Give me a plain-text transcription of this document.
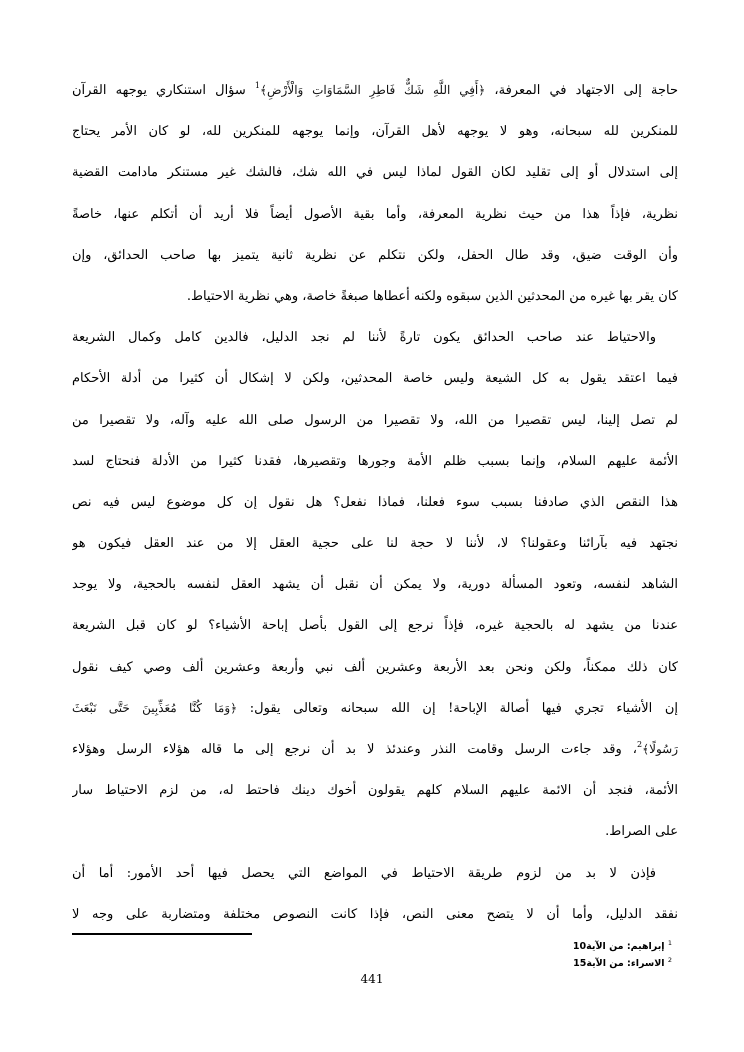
حاجة إلى الاجتهاد في المعرفة، ﴿أَفِي اللَّهِ شَكٌّ فَاطِرِ السَّمَاوَاتِ وَالْأَرْضِ﴾$^1$ سؤال استنكاري يوجهه القرآن
للمنكرين لله سبحانه، وهو لا يوجهه لأهل القرآن، وإنما يوجهه للمنكرين لله، لو كان الأمر يحتاج
إلى استدلال أو إلى تقليد لكان القول لماذا ليس في الله شك، فالشك غير مستنكر مادامت القضية
نظرية، فإذاً هذا من حيث نظرية المعرفة، وأما بقية الأصول أيضاً فلا أريد أن أتكلم عنها، خاصةً
وأن الوقت ضيق، وقد طال الحفل، ولكن نتكلم عن نظرية ثانية يتميز بها صاحب الحدائق، وإن
كان يقر بها غيره من المحدثين الذين سبقوه ولكنه أعطاها صبغةً خاصة، وهي نظرية الاحتياط.
والاحتياط عند صاحب الحدائق يكون تارةً لأننا لم نجد الدليل، فالدين كامل وكمال الشريعة
فيما اعتقد يقول به كل الشيعة وليس خاصة المحدثين، ولكن لا إشكال أن كثيرا من أدلة الأحكام
لم تصل إلينا، ليس تقصيرا من الله، ولا تقصيرا من الرسول صلى الله عليه وآله، ولا تقصيرا من
الأئمة عليهم السلام، وإنما بسبب ظلم الأمة وجورها وتقصيرها، فقدنا كثيرا من الأدلة فنحتاج لسد
هذا النقص الذي صادفنا بسبب سوء فعلنا، فماذا نفعل؟ هل نقول إن كل موضوع ليس فيه نص
نجتهد فيه بآرائنا وعقولنا؟ لا، لأننا لا حجة لنا على حجية العقل إلا من عند العقل فيكون هو
الشاهد لنفسه، وتعود المسألة دورية، ولا يمكن أن نقبل أن يشهد العقل لنفسه بالحجية، ولا يوجد
عندنا من يشهد له بالحجية غيره، فإذاً نرجع إلى القول بأصل إباحة الأشياء؟ لو كان قبل الشريعة
كان ذلك ممكناً، ولكن ونحن بعد الأربعة وعشرين ألف نبي وأربعة وعشرين ألف وصي كيف نقول
إن الأشياء تجري فيها أصالة الإباحة! إن الله سبحانه وتعالى يقول: ﴿وَمَا كُنَّا مُعَذِّبِينَ حَتَّى نَبْعَثَ
رَسُولًا﴾$^2$، وقد جاءت الرسل وقامت النذر وعندئذ لا بد أن نرجع إلى ما قاله هؤلاء الرسل وهؤلاء
الأئمة، فنجد أن الائمة عليهم السلام كلهم يقولون أخوك دينك فاحتط له، من لزم الاحتياط سار
على الصراط.
فإذن لا بد من لزوم طريقة الاحتياط في المواضع التي يحصل فيها أحد الأمور: أما أن
نفقد الدليل، وأما أن لا يتضح معنى النص، فإذا كانت النصوص مختلفة ومتضاربة على وجه لا
$^1$ إبراهيم: من الآية10
$^2$ الاسراء: من الآية15
441
